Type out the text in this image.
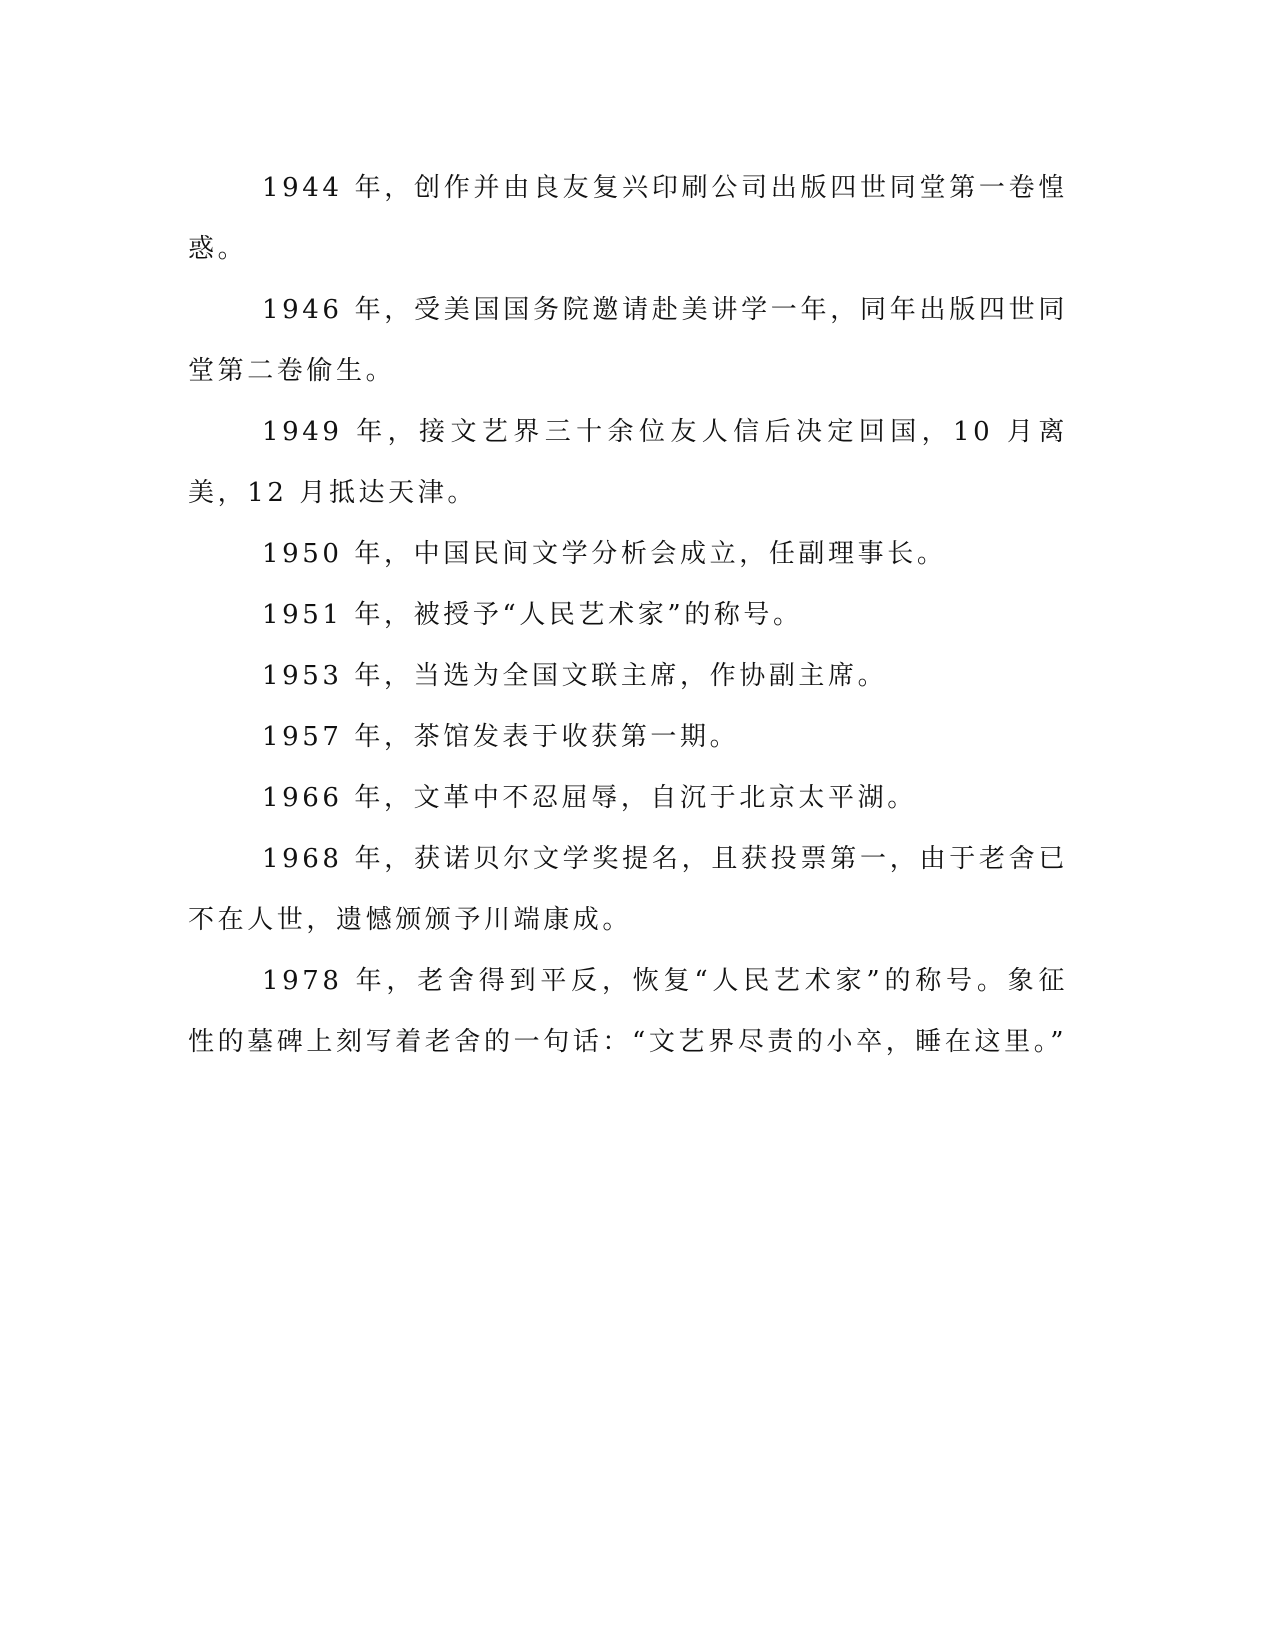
1944 年，创作并由良友复兴印刷公司出版四世同堂第一卷惶惑。

1946 年，受美国国务院邀请赴美讲学一年，同年出版四世同堂第二卷偷生。

1949 年，接文艺界三十余位友人信后决定回国，10 月离美，12 月抵达天津。

1950 年，中国民间文学分析会成立，任副理事长。

1951 年，被授予“人民艺术家”的称号。

1953 年，当选为全国文联主席，作协副主席。

1957 年，茶馆发表于收获第一期。

1966 年，文革中不忍屈辱，自沉于北京太平湖。

1968 年，获诺贝尔文学奖提名，且获投票第一，由于老舍已不在人世，遗憾颁颁予川端康成。

1978 年，老舍得到平反，恢复“人民艺术家”的称号。象征性的墓碑上刻写着老舍的一句话：“文艺界尽责的小卒，睡在这里。”
